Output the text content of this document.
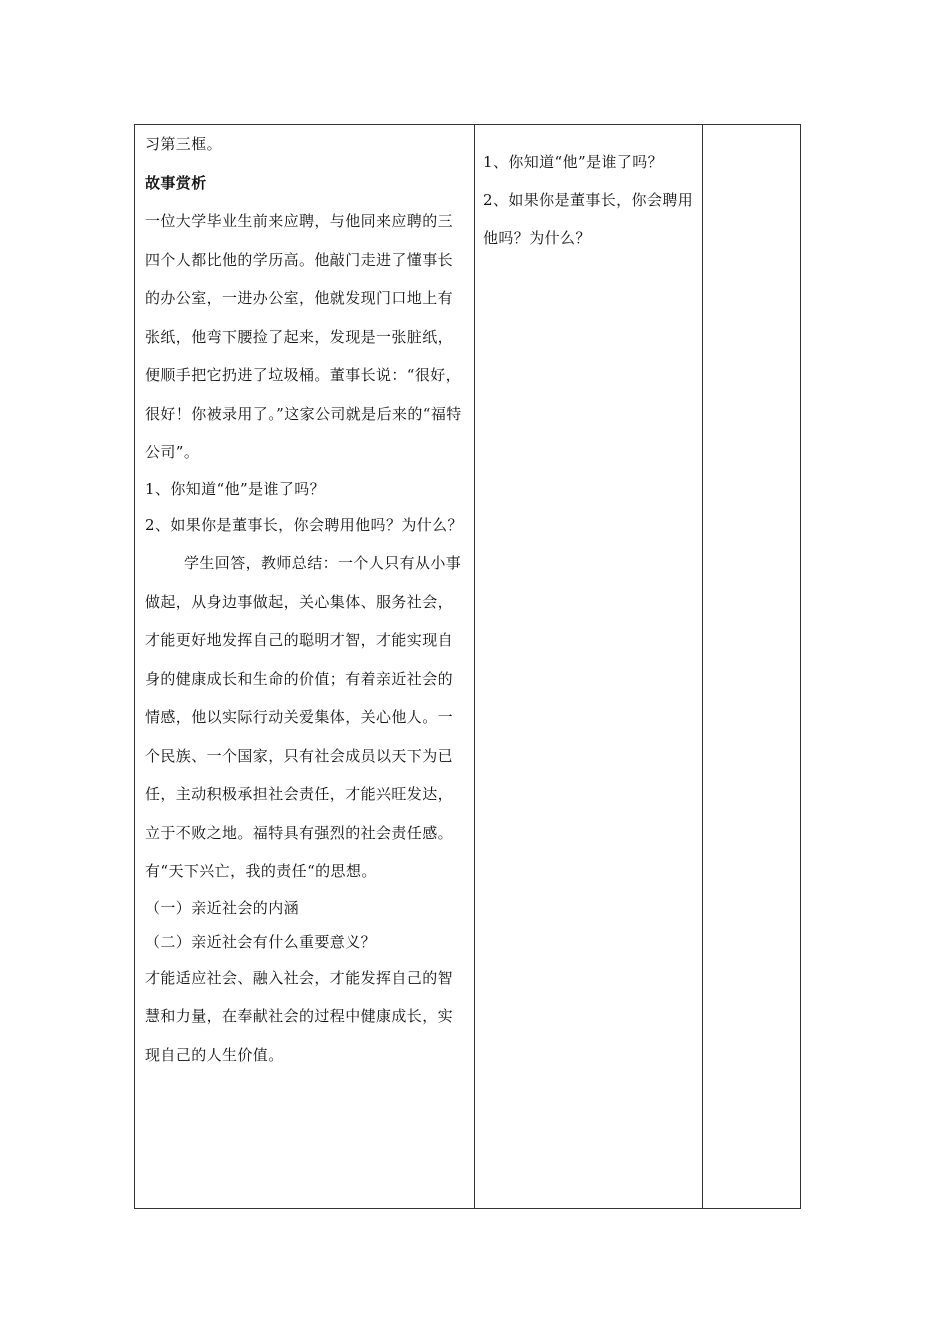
习第三框。

故事赏析

一位大学毕业生前来应聘，与他同来应聘的三四个人都比他的学历高。他敲门走进了懂事长的办公室，一进办公室，他就发现门口地上有张纸，他弯下腰捡了起来，发现是一张脏纸，便顺手把它扔进了垃圾桶。董事长说：“很好，很好！你被录用了。”这家公司就是后来的“福特公司”。

1、你知道“他”是谁了吗？

2、如果你是董事长，你会聘用他吗？为什么？

学生回答，教师总结：一个人只有从小事做起，从身边事做起，关心集体、服务社会，才能更好地发挥自己的聪明才智，才能实现自身的健康成长和生命的价值；有着亲近社会的情感，他以实际行动关爱集体，关心他人。一个民族、一个国家，只有社会成员以天下为已任，主动积极承担社会责任，才能兴旺发达，立于不败之地。福特具有强烈的社会责任感。有“天下兴亡，我的责任“的思想。

（一）亲近社会的内涵

（二）亲近社会有什么重要意义？

才能适应社会、融入社会，才能发挥自己的智慧和力量，在奉献社会的过程中健康成长，实现自己的人生价值。

1、你知道“他”是谁了吗？

2、如果你是董事长，你会聘用他吗？为什么？
